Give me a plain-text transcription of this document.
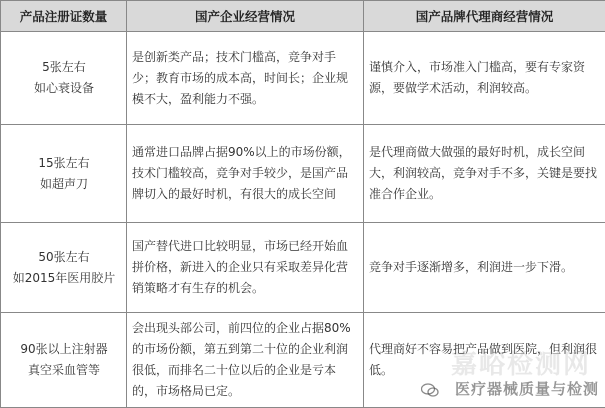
产品注册证数量	国产企业经营情况	国产品牌代理商经营情况

5张左右
如心衰设备	是创新类产品；技术门槛高，竞争对手少；教育市场的成本高，时间长；企业规模不大，盈利能力不强。	谨慎介入，市场准入门槛高，要有专家资源，要做学术活动，利润较高。

15张左右
如超声刀	通常进口品牌占据90%以上的市场份额，技术门槛较高，竞争对手较少，是国产品牌切入的最好时机，有很大的成长空间	是代理商做大做强的最好时机，成长空间大，利润较高，竞争对手不多，关键是要找准合作企业。

50张左右
如2015年医用胶片	国产替代进口比较明显，市场已经开始血拼价格，新进入的企业只有采取差异化营销策略才有生存的机会。	竞争对手逐渐增多，利润进一步下滑。

90张以上注射器
真空采血管等	会出现头部公司，前四位的企业占据80%的市场份额，第五到第二十位的企业利润很低，而排名二十位以后的企业是亏本的，市场格局已定。	代理商好不容易把产品做到医院，但利润很低。 嘉峪检测网
医疗器械质量与检测
